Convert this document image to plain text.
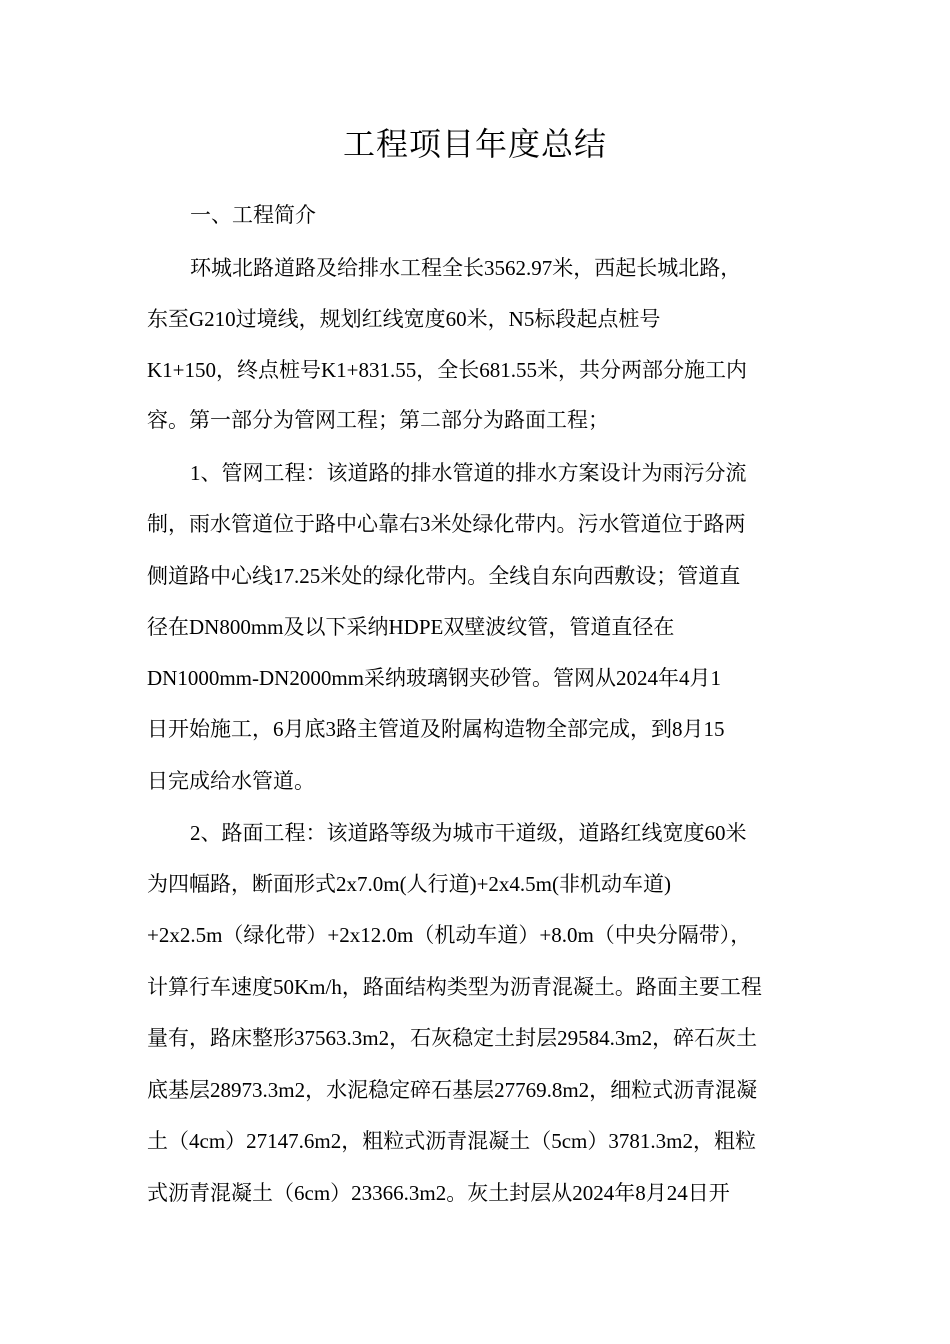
工程项目年度总结
一、工程简介
环城北路道路及给排水工程全长3562.97米，西起长城北路，
东至G210过境线，规划红线宽度60米，N5标段起点桩号
K1+150，终点桩号K1+831.55，全长681.55米，共分两部分施工内
容。第一部分为管网工程；第二部分为路面工程；
1、管网工程：该道路的排水管道的排水方案设计为雨污分流
制，雨水管道位于路中心靠右3米处绿化带内。污水管道位于路两
侧道路中心线17.25米处的绿化带内。全线自东向西敷设；管道直
径在DN800mm及以下采纳HDPE双壁波纹管，管道直径在
DN1000mm-DN2000mm采纳玻璃钢夹砂管。管网从2024年4月1
日开始施工，6月底3路主管道及附属构造物全部完成，到8月15
日完成给水管道。
2、路面工程：该道路等级为城市干道级，道路红线宽度60米
为四幅路，断面形式2x7.0m(人行道)+2x4.5m(非机动车道)
+2x2.5m（绿化带）+2x12.0m（机动车道）+8.0m（中央分隔带），
计算行车速度50Km/h，路面结构类型为沥青混凝土。路面主要工程
量有，路床整形37563.3m2，石灰稳定土封层29584.3m2，碎石灰土
底基层28973.3m2，水泥稳定碎石基层27769.8m2，细粒式沥青混凝
土（4cm）27147.6m2，粗粒式沥青混凝土（5cm）3781.3m2，粗粒
式沥青混凝土（6cm）23366.3m2。灰土封层从2024年8月24日开
